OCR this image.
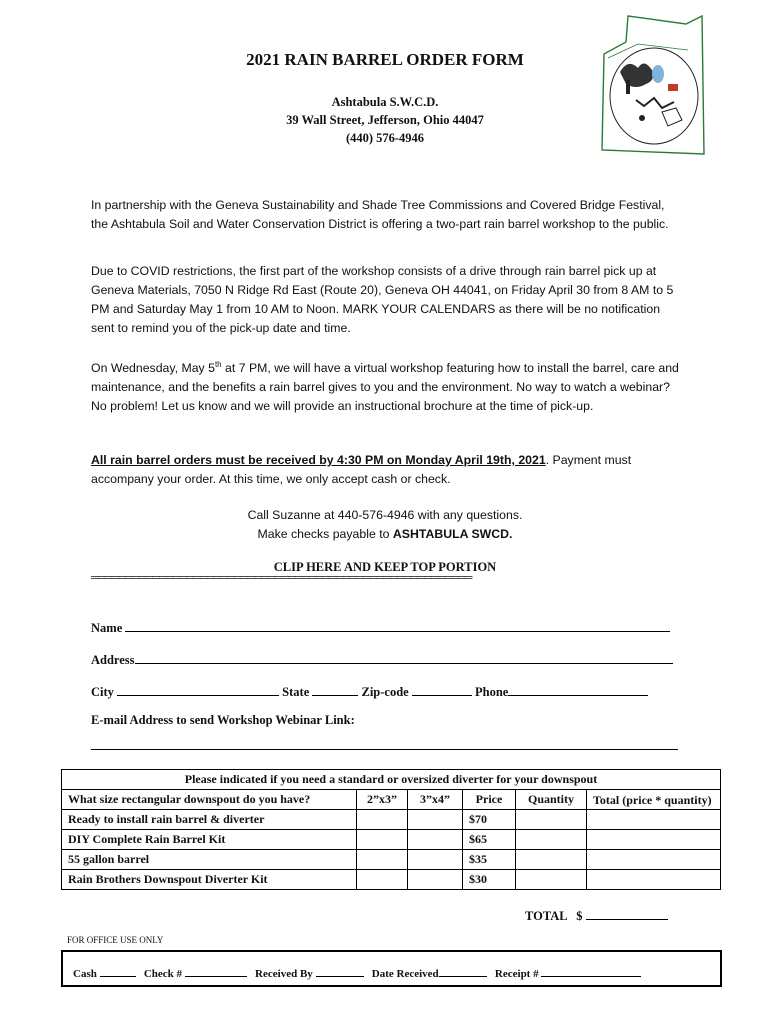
2021 RAIN BARREL ORDER FORM
Ashtabula S.W.C.D.
39 Wall Street, Jefferson, Ohio 44047
(440) 576-4946
In partnership with the Geneva Sustainability and Shade Tree Commissions and Covered Bridge Festival, the Ashtabula Soil and Water Conservation District is offering a two-part rain barrel workshop to the public.
Due to COVID restrictions, the first part of the workshop consists of a drive through rain barrel pick up at Geneva Materials, 7050 N Ridge Rd East (Route 20), Geneva OH 44041, on Friday April 30 from 8 AM to 5 PM and Saturday May 1 from 10 AM to Noon. MARK YOUR CALENDARS as there will be no notification sent to remind you of the pick-up date and time.
On Wednesday, May 5th at 7 PM, we will have a virtual workshop featuring how to install the barrel, care and maintenance, and the benefits a rain barrel gives to you and the environment. No way to watch a webinar? No problem! Let us know and we will provide an instructional brochure at the time of pick-up.
All rain barrel orders must be received by 4:30 PM on Monday April 19th, 2021. Payment must accompany your order. At this time, we only accept cash or check.
Call Suzanne at 440-576-4946 with any questions.
Make checks payable to ASHTABULA SWCD.
CLIP HERE AND KEEP TOP PORTION
════════════════════════════════════════════════════════
Name
Address
City	State	Zip-code	Phone
E-mail Address to send Workshop Webinar Link:
Please indicated if you need a standard or oversized diverter for your downspout					
What size rectangular downspout do you have?	2”x3”	3”x4”	Price	Quantity	Total (price * quantity)
Ready to install rain barrel & diverter			$70		
DIY Complete Rain Barrel Kit			$65		
55 gallon barrel			$35		
Rain Brothers Downspout Diverter Kit			$30		
TOTAL   $
FOR OFFICE USE ONLY
Cash	Check #	Received By	Date Received	Receipt #
